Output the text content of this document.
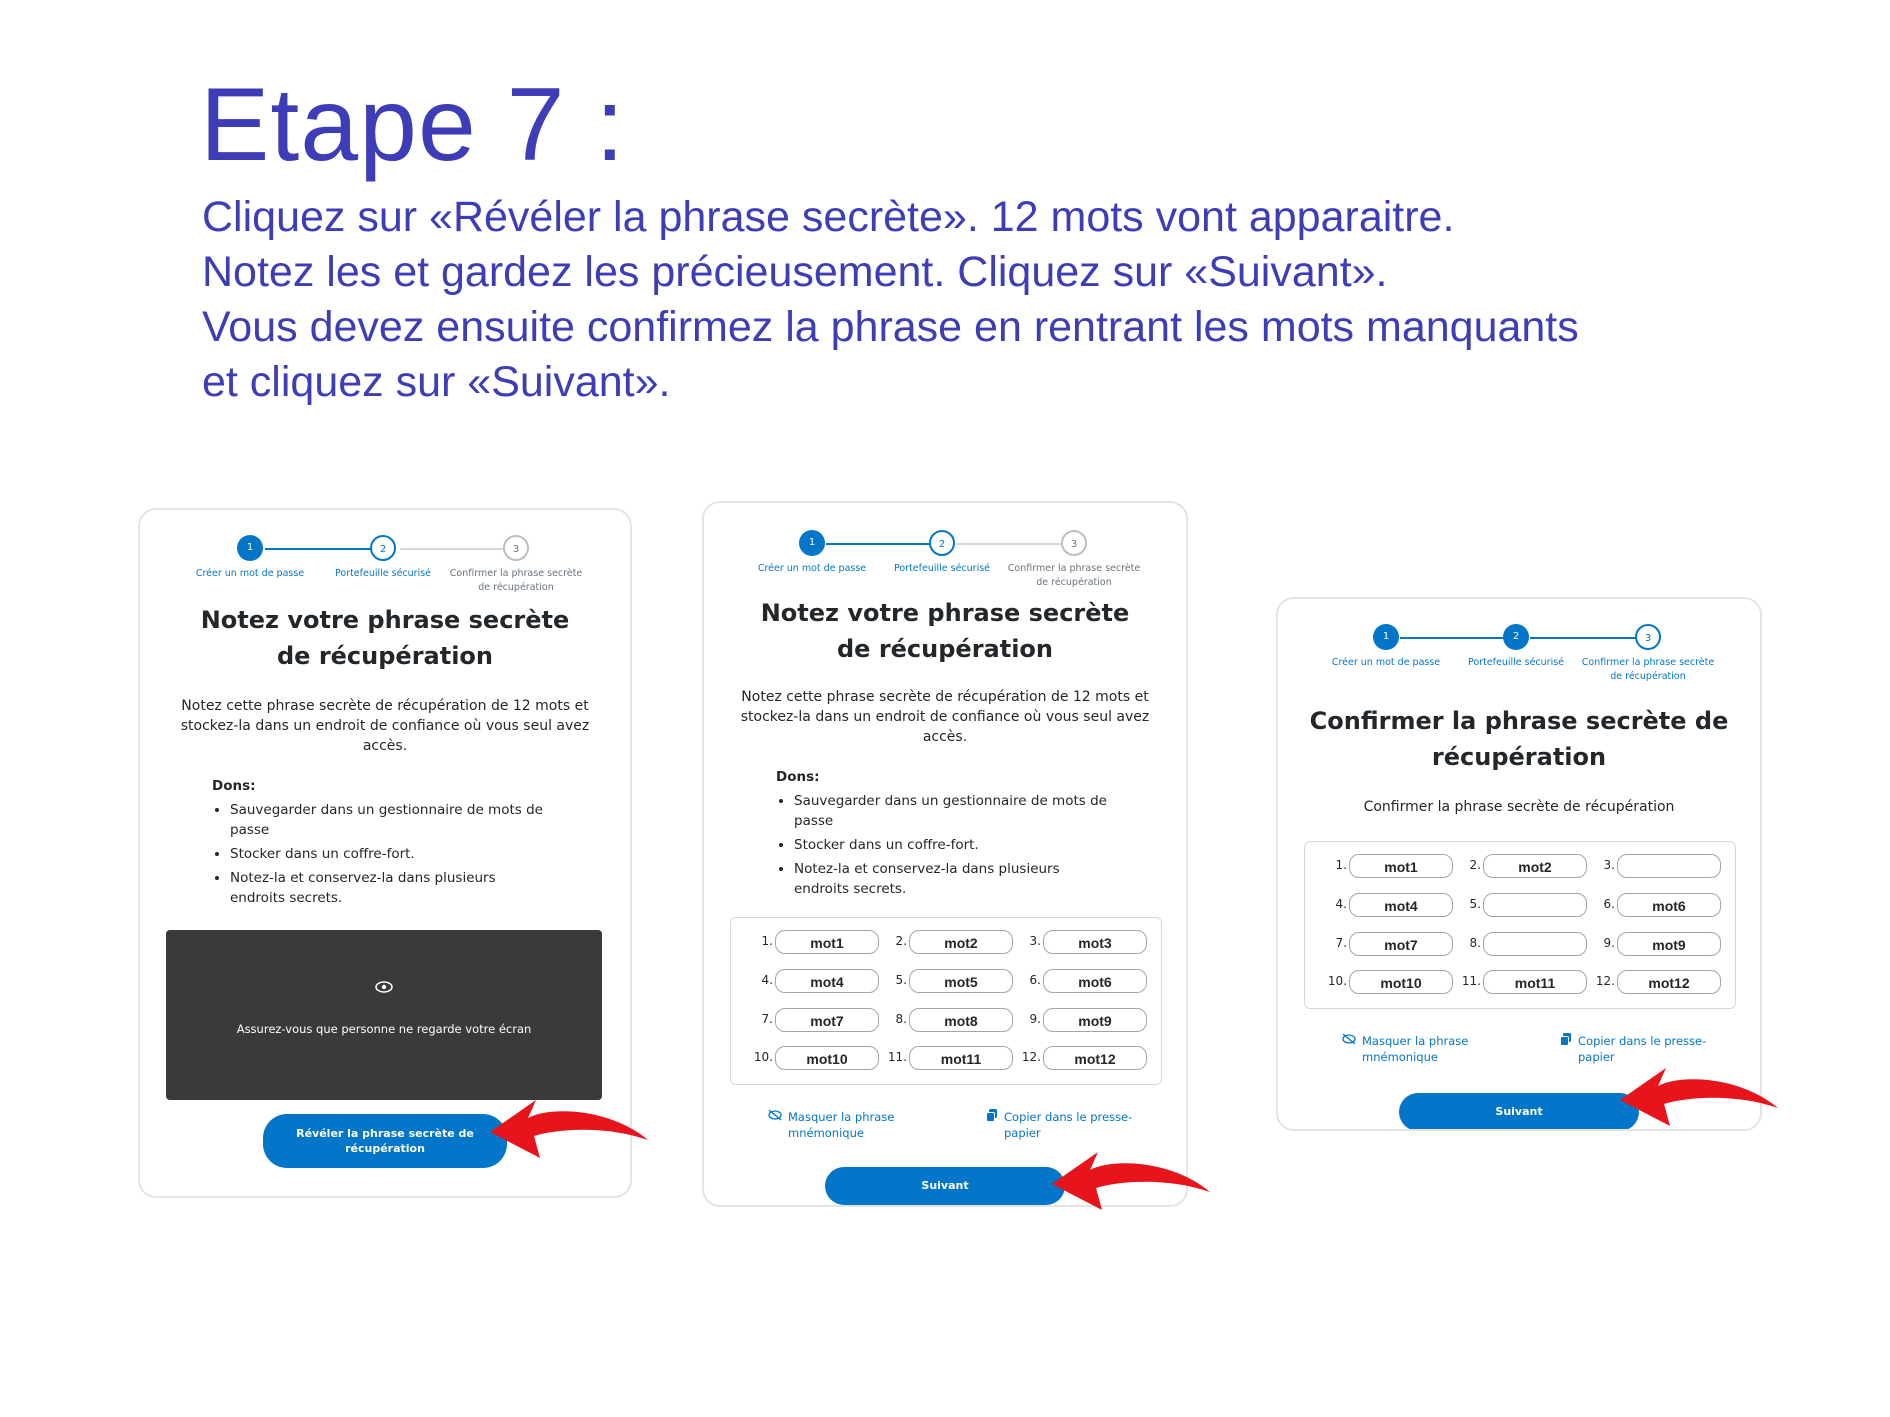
Etape 7 :

Cliquez sur «Révéler la phrase secrète». 12 mots vont apparaitre.
Notez les et gardez les précieusement. Cliquez sur «Suivant».
Vous devez ensuite confirmez la phrase en rentrant les mots manquants
et cliquez sur «Suivant».

1
Créer un mot de passe
2
Portefeuille sécurisé
3
Confirmer la phrase secrète
de récupération
Notez votre phrase secrète
de récupération
Notez cette phrase secrète de récupération de 12 mots et
stockez-la dans un endroit de confiance où vous seul avez
accès.
Dons:
• Sauvegarder dans un gestionnaire de mots de
passe
• Stocker dans un coffre-fort.
• Notez-la et conservez-la dans plusieurs
endroits secrets.
Assurez-vous que personne ne regarde votre écran
Révéler la phrase secrète de
récupération
1
Créer un mot de passe
2
Portefeuille sécurisé
3
Confirmer la phrase secrète
de récupération
Notez votre phrase secrète
de récupération
Notez cette phrase secrète de récupération de 12 mots et
stockez-la dans un endroit de confiance où vous seul avez
accès.
Dons:
• Sauvegarder dans un gestionnaire de mots de
passe
• Stocker dans un coffre-fort.
• Notez-la et conservez-la dans plusieurs
endroits secrets.
1.	mot1	2.	mot2	3.	mot3
4.	mot4	5.	mot5	6.	mot6
7.	mot7	8.	mot8	9.	mot9
10.	mot10	11.	mot11	12.	mot12
Masquer la phrase
mnémonique
Copier dans le presse-
papier
Suivant
1
Créer un mot de passe
2
Portefeuille sécurisé
3
Confirmer la phrase secrète
de récupération
Confirmer la phrase secrète de
récupération
Confirmer la phrase secrète de récupération
1.	mot1	2.	mot2	3.
4.	mot4	5.	6.	mot6
7.	mot7	8.	9.	mot9
10.	mot10	11.	mot11	12.	mot12
Masquer la phrase
mnémonique
Copier dans le presse-
papier
Suivant
